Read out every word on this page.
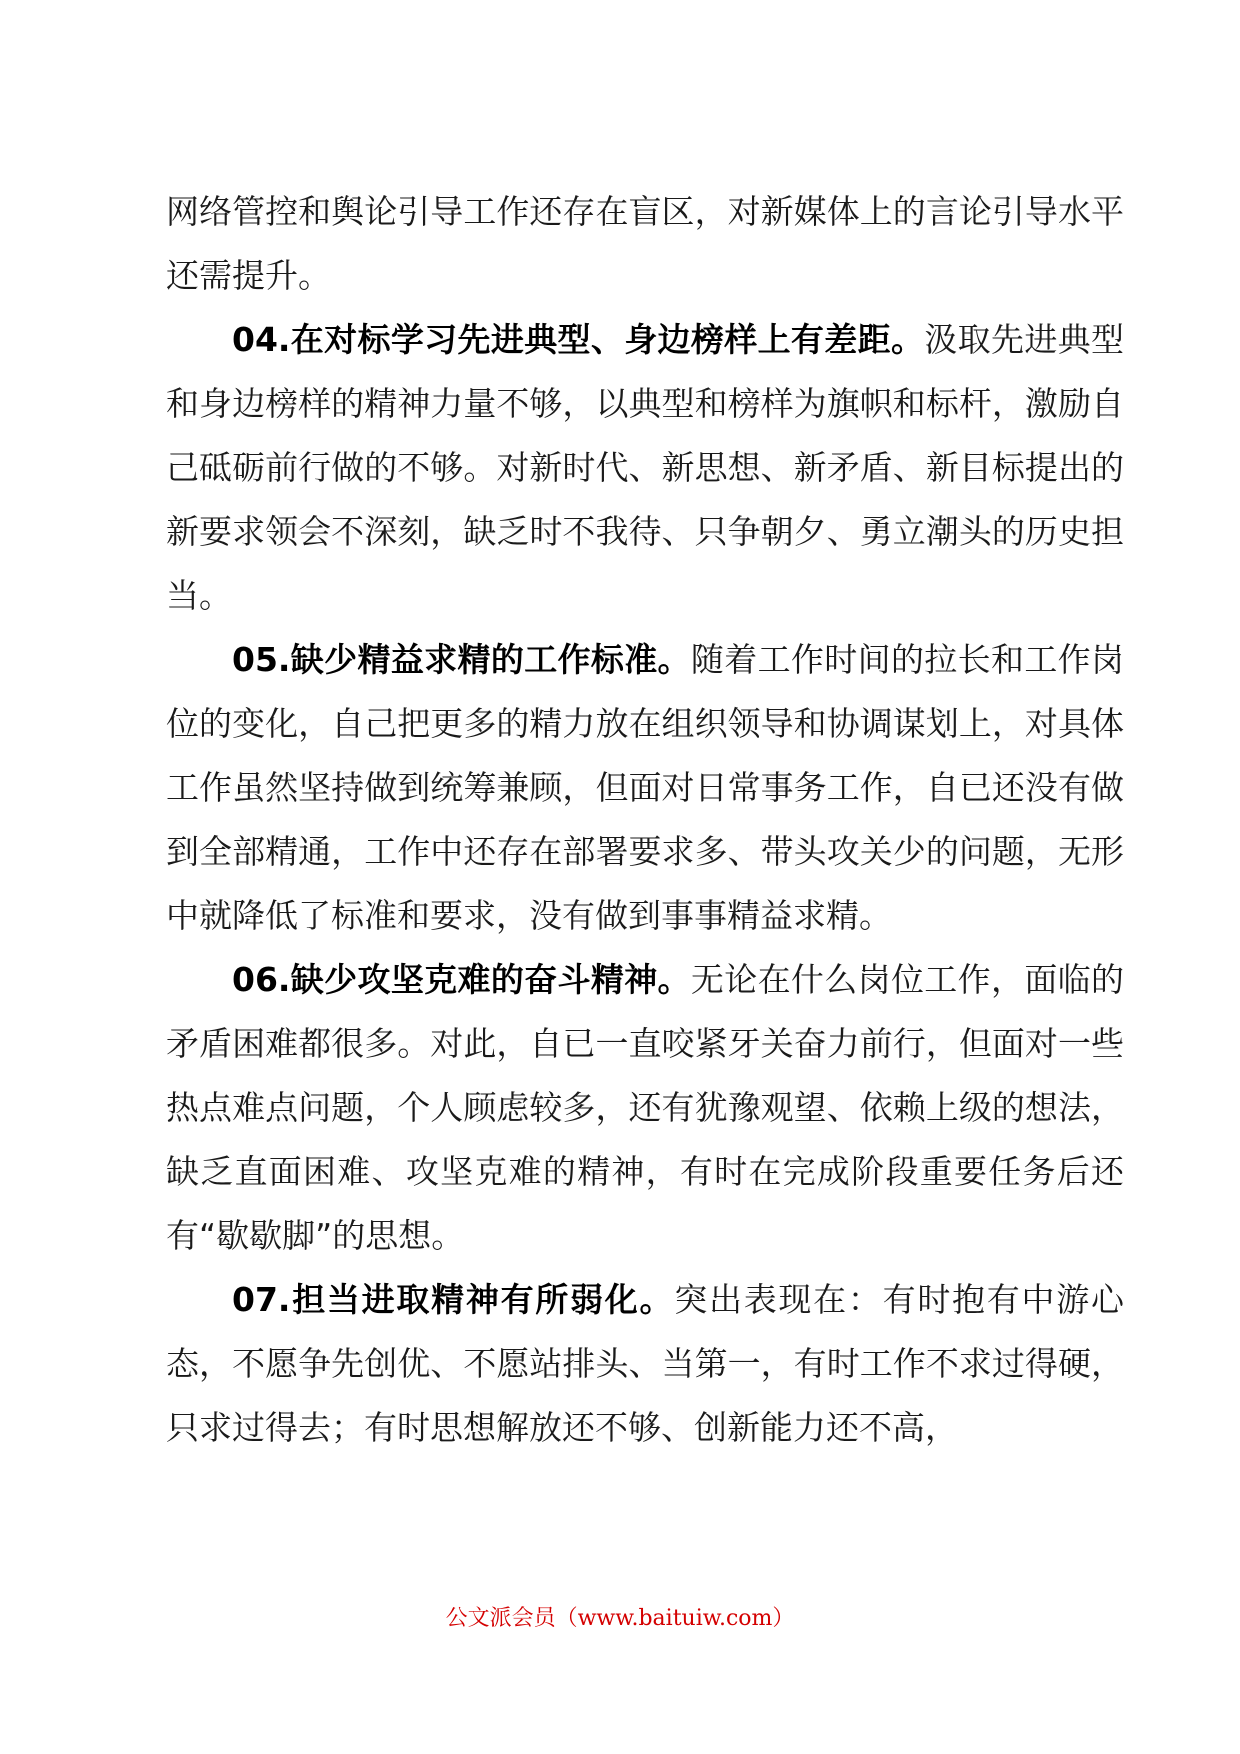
网络管控和舆论引导工作还存在盲区，对新媒体上的言论引导水平还需提升。

04.在对标学习先进典型、身边榜样上有差距。汲取先进典型和身边榜样的精神力量不够，以典型和榜样为旗帜和标杆，激励自己砥砺前行做的不够。对新时代、新思想、新矛盾、新目标提出的新要求领会不深刻，缺乏时不我待、只争朝夕、勇立潮头的历史担当。

05.缺少精益求精的工作标准。随着工作时间的拉长和工作岗位的变化，自己把更多的精力放在组织领导和协调谋划上，对具体工作虽然坚持做到统筹兼顾，但面对日常事务工作，自已还没有做到全部精通，工作中还存在部署要求多、带头攻关少的问题，无形中就降低了标准和要求，没有做到事事精益求精。

06.缺少攻坚克难的奋斗精神。无论在什么岗位工作，面临的矛盾困难都很多。对此，自已一直咬紧牙关奋力前行，但面对一些热点难点问题，个人顾虑较多，还有犹豫观望、依赖上级的想法，缺乏直面困难、攻坚克难的精神，有时在完成阶段重要任务后还有“歇歇脚”的思想。

07.担当进取精神有所弱化。突出表现在：有时抱有中游心态，不愿争先创优、不愿站排头、当第一，有时工作不求过得硬，只求过得去；有时思想解放还不够、创新能力还不高，

公文派会员（www.baituiw.com）
